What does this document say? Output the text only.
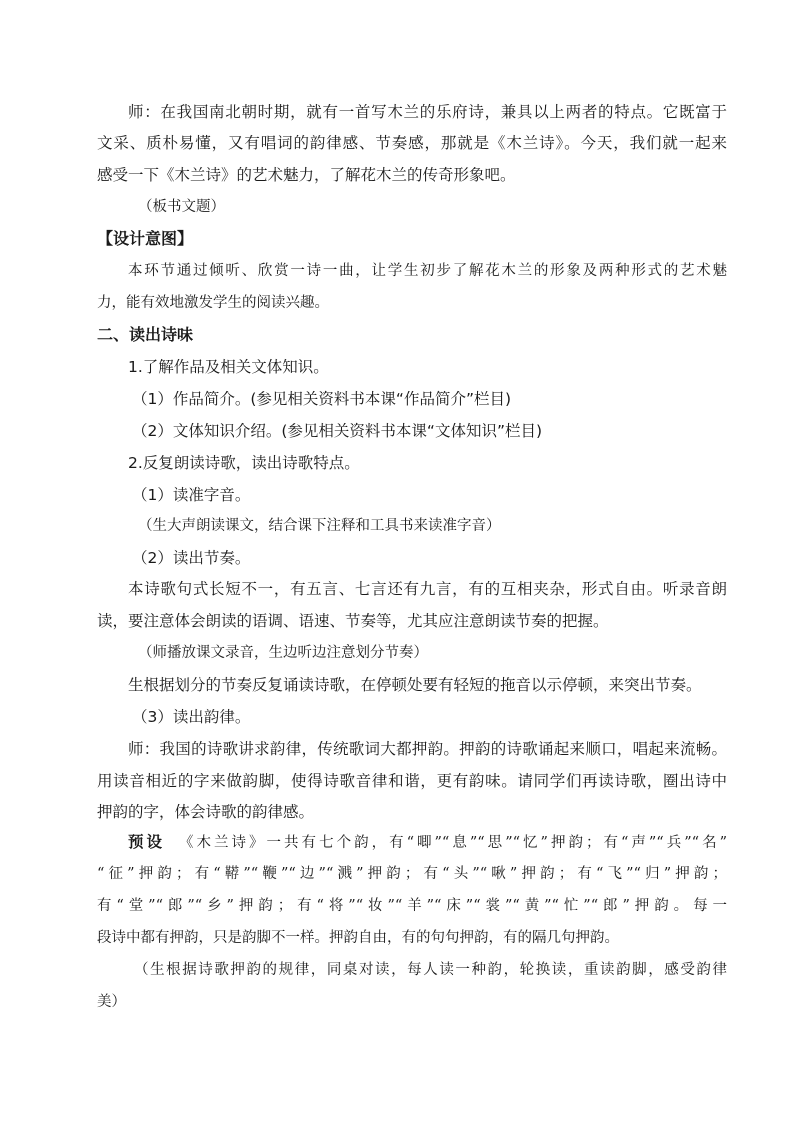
师：在我国南北朝时期，就有一首写木兰的乐府诗，兼具以上两者的特点。它既富于
文采、质朴易懂，又有唱词的韵律感、节奏感，那就是《木兰诗》。今天，我们就一起来
感受一下《木兰诗》的艺术魅力，了解花木兰的传奇形象吧。
（板书文题）
【设计意图】
本环节通过倾听、欣赏一诗一曲，让学生初步了解花木兰的形象及两种形式的艺术魅
力，能有效地激发学生的阅读兴趣。
二、读出诗味
1.了解作品及相关文体知识。
（1）作品简介。(参见相关资料书本课“作品简介”栏目)
（2）文体知识介绍。(参见相关资料书本课“文体知识”栏目)
2.反复朗读诗歌，读出诗歌特点。
（1）读准字音。
（生大声朗读课文，结合课下注释和工具书来读准字音）
（2）读出节奏。
本诗歌句式长短不一，有五言、七言还有九言，有的互相夹杂，形式自由。听录音朗
读，要注意体会朗读的语调、语速、节奏等，尤其应注意朗读节奏的把握。
（师播放课文录音，生边听边注意划分节奏）
生根据划分的节奏反复诵读诗歌，在停顿处要有轻短的拖音以示停顿，来突出节奏。
（3）读出韵律。
师：我国的诗歌讲求韵律，传统歌词大都押韵。押韵的诗歌诵起来顺口，唱起来流畅。
用读音相近的字来做韵脚，使得诗歌音律和谐，更有韵味。请同学们再读诗歌，圈出诗中
押韵的字，体会诗歌的韵律感。
预设 《木兰诗》一共有七个韵，有“唧”“息”“思”“忆”押韵；有“声”“兵”“名”
“征”押韵；有“鞯”“鞭”“边”“溅”押韵；有“头”“啾”押韵；有“飞”“归”押韵；
有“堂”“郎”“乡”押韵；有“将”“妆”“羊”“床”“裳”“黄”“忙”“郎”押韵。每一
段诗中都有押韵，只是韵脚不一样。押韵自由，有的句句押韵，有的隔几句押韵。
（生根据诗歌押韵的规律，同桌对读，每人读一种韵，轮换读，重读韵脚，感受韵律
美）
